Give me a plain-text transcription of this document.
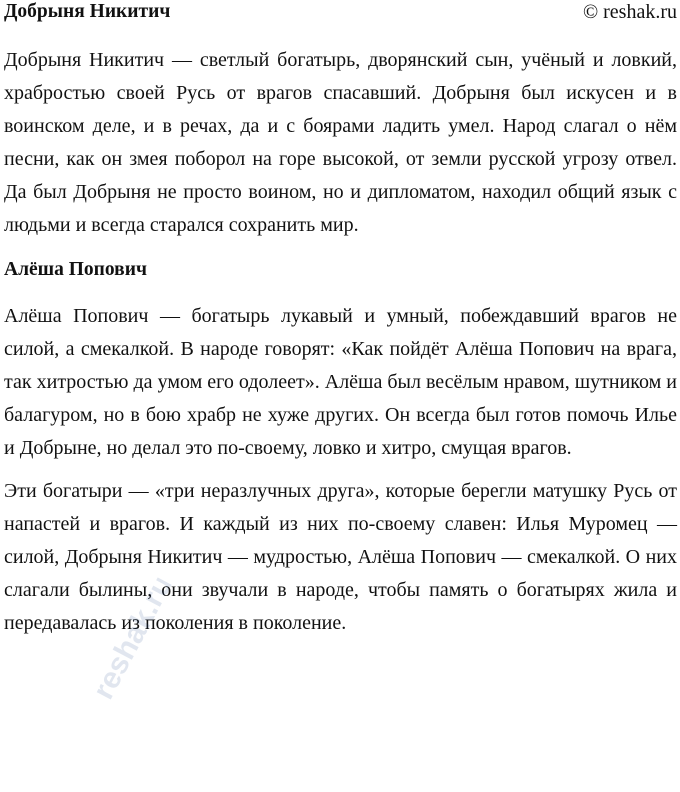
Добрыня Никитич	© reshak.ru

Добрыня Никитич — светлый богатырь, дворянский сын, учёный и ловкий, храбростью своей Русь от врагов спасавший. Добрыня был искусен и в воинском деле, и в речах, да и с боярами ладить умел. Народ слагал о нём песни, как он змея поборол на горе высокой, от земли русской угрозу отвел. Да был Добрыня не просто воином, но и дипломатом, находил общий язык с людьми и всегда старался сохранить мир.

Алёша Попович

Алёша Попович — богатырь лукавый и умный, побеждавший врагов не силой, а смекалкой. В народе говорят: «Как пойдёт Алёша Попович на врага, так хитростью да умом его одолеет». Алёша был весёлым нравом, шутником и балагуром, но в бою храбр не хуже других. Он всегда был готов помочь Илье и Добрыне, но делал это по-своему, ловко и хитро, смущая врагов.

Эти богатыри — «три неразлучных друга», которые берегли матушку Русь от напастей и врагов. И каждый из них по-своему славен: Илья Муромец — силой, Добрыня Никитич — мудростью, Алёша Попович — смекалкой. О них слагали былины, они звучали в народе, чтобы память о богатырях жила и передавалась из поколения в поколение.

reshak.ru
